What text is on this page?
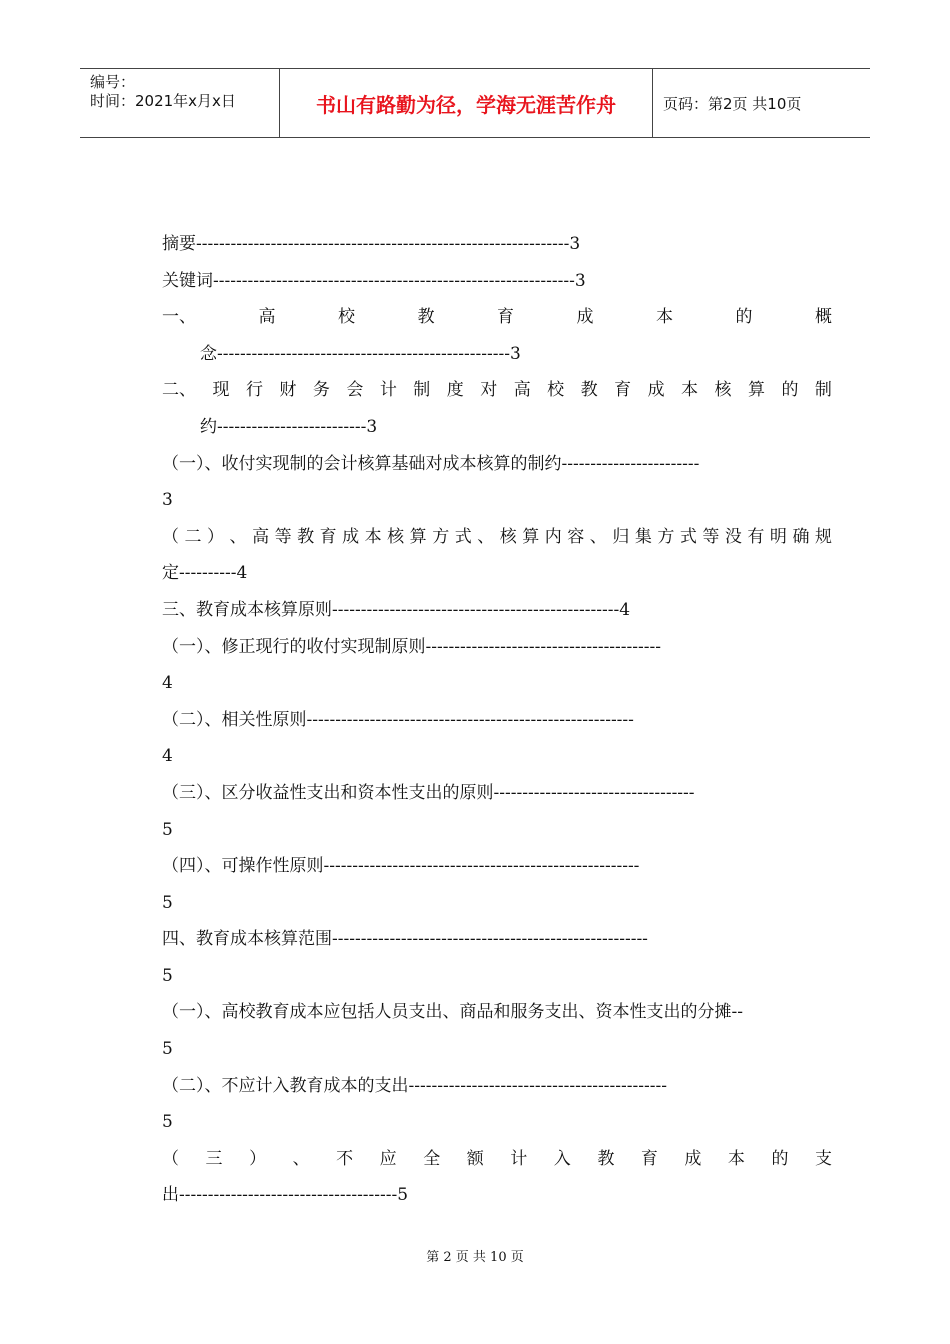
编号：
时间：2021年x月x日	书山有路勤为径，学海无涯苦作舟	页码：第2页 共10页
摘要-----------------------------------------------------------------3
关键词---------------------------------------------------------------3
一、	高	校	教	育	成	本	的	概
念---------------------------------------------------3
二、 现 行 财 务 会 计 制 度 对 高 校 教 育 成 本 核 算 的 制
约--------------------------3
（一）、收付实现制的会计核算基础对成本核算的制约------------------------
3
（ 二 ） 、 高 等 教 育 成 本 核 算 方 式 、 核 算 内 容 、 归 集 方 式 等 没 有 明 确 规
定----------4
三、教育成本核算原则--------------------------------------------------4
（一）、修正现行的收付实现制原则-----------------------------------------
4
（二）、相关性原则---------------------------------------------------------
4
（三）、区分收益性支出和资本性支出的原则-----------------------------------
5
（四）、可操作性原则-------------------------------------------------------
5
四、教育成本核算范围-------------------------------------------------------
5
（一）、高校教育成本应包括人员支出、商品和服务支出、资本性支出的分摊--
5
（二）、不应计入教育成本的支出---------------------------------------------
5
（ 三 ） 、 不 应 全 额 计 入 教 育 成 本 的 支
出--------------------------------------5
第 2 页 共 10 页
